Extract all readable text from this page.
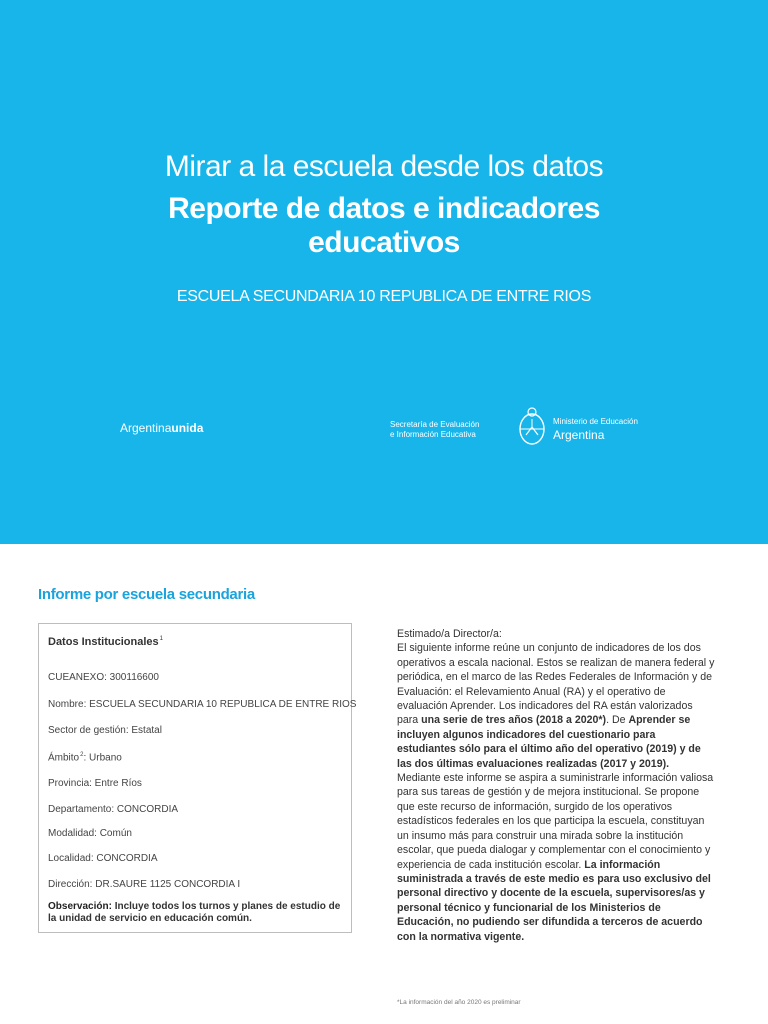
Mirar a la escuela desde los datos
Reporte de datos e indicadores
educativos
ESCUELA SECUNDARIA 10 REPUBLICA DE ENTRE RIOS
Argentinaunida	Secretaría de Evaluación
e Información Educativa
Ministerio de Educación
Argentina
Informe por escuela secundaria
Datos Institucionales$^1$
CUEANEXO: 300116600
Nombre: ESCUELA SECUNDARIA 10 REPUBLICA DE ENTRE RIOS
Sector de gestión: Estatal
Ámbito$^2$: Urbano
Provincia: Entre Ríos
Departamento: CONCORDIA
Modalidad: Común
Localidad: CONCORDIA
Dirección: DR.SAURE 1125 CONCORDIA I
Observación: Incluye todos los turnos y planes de estudio de la unidad de servicio en educación común.

Estimado/a Director/a:

El siguiente informe reúne un conjunto de indicadores de los dos operativos a escala nacional. Estos se realizan de manera federal y periódica, en el marco de las Redes Federales de Información y de Evaluación: el Relevamiento Anual (RA) y el operativo de evaluación Aprender. Los indicadores del RA están valorizados para una serie de tres años (2018 a 2020*). De Aprender se incluyen algunos indicadores del cuestionario para estudiantes sólo para el último año del operativo (2019) y de las dos últimas evaluaciones realizadas (2017 y 2019).

Mediante este informe se aspira a suministrarle información valiosa para sus tareas de gestión y de mejora institucional. Se propone que este recurso de información, surgido de los operativos estadísticos federales en los que participa la escuela, constituyan un insumo más para construir una mirada sobre la institución escolar, que pueda dialogar y complementar con el conocimiento y experiencia de cada institución escolar. La información suministrada a través de este medio es para uso exclusivo del personal directivo y docente de la escuela, supervisores/as y personal técnico y funcionarial de los Ministerios de Educación, no pudiendo ser difundida a terceros de acuerdo con la normativa vigente.

*La información del año 2020 es preliminar
